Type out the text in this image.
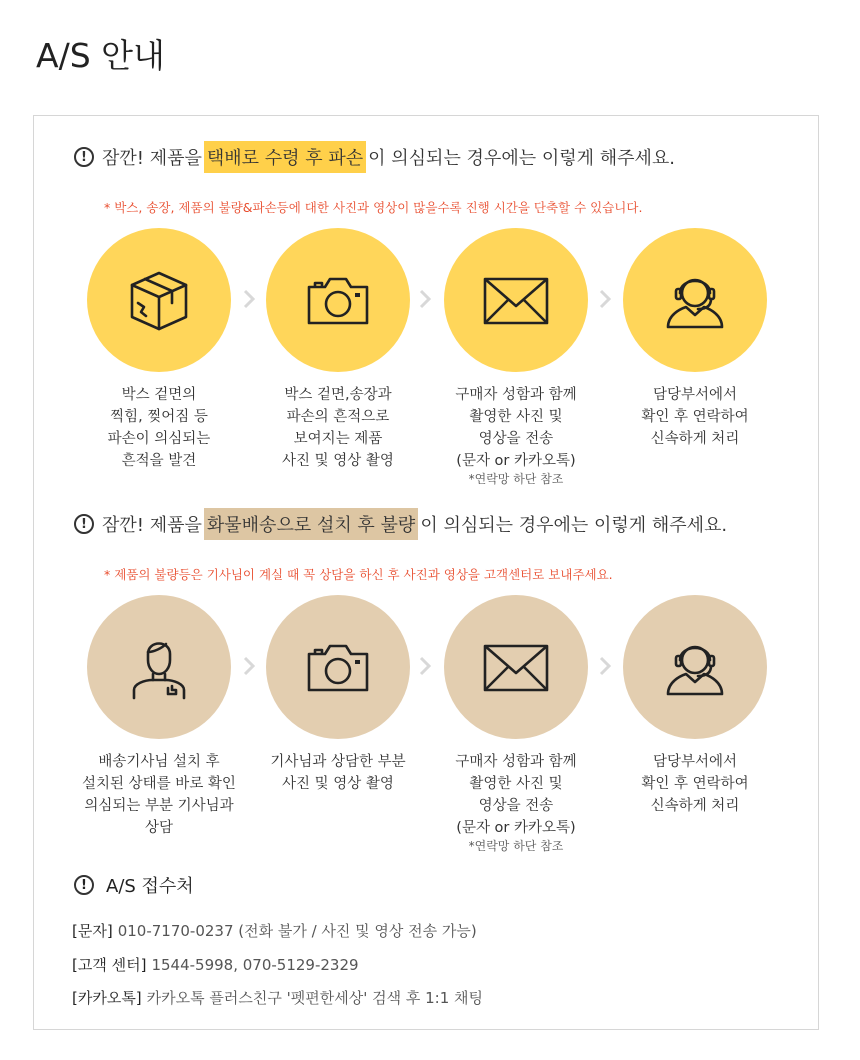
A/S 안내
! 잠깐! 제품을 택배로 수령 후 파손 이 의심되는 경우에는 이렇게 해주세요.
* 박스, 송장, 제품의 불량&파손등에 대한 사진과 영상이 많을수록 진행 시간을 단축할 수 있습니다.
박스 겉면의
찍힘, 찢어짐 등
파손이 의심되는
흔적을 발견
박스 겉면,송장과
파손의 흔적으로
보여지는 제품
사진 및 영상 촬영
구매자 성함과 함께
촬영한 사진 및
영상을 전송
(문자 or 카카오톡)
*연락망 하단 참조
담당부서에서
확인 후 연락하여
신속하게 처리
! 잠깐! 제품을 화물배송으로 설치 후 불량 이 의심되는 경우에는 이렇게 해주세요.
* 제품의 불량등은 기사님이 계실 때 꼭 상담을 하신 후 사진과 영상을 고객센터로 보내주세요.
배송기사님 설치 후
설치된 상태를 바로 확인
의심되는 부분 기사님과
상담
기사님과 상담한 부분
사진 및 영상 촬영
구매자 성함과 함께
촬영한 사진 및
영상을 전송
(문자 or 카카오톡)
*연락망 하단 참조
담당부서에서
확인 후 연락하여
신속하게 처리
!	A/S 접수처
[문자] 010-7170-0237 (전화 불가 / 사진 및 영상 전송 가능)
[고객 센터] 1544-5998, 070-5129-2329
[카카오톡] 카카오톡 플러스친구 '펫편한세상' 검색 후 1:1 채팅
